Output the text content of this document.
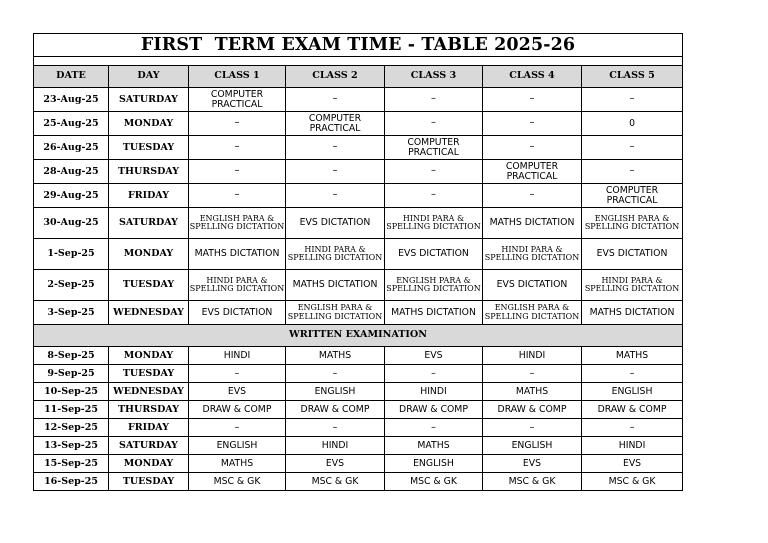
FIRST  TERM EXAM TIME - TABLE 2025-26						

DATE	DAY	CLASS 1	CLASS 2	CLASS 3	CLASS 4	CLASS 5
23-Aug-25	SATURDAY	COMPUTER PRACTICAL	–	–	–	–
25-Aug-25	MONDAY	–	COMPUTER PRACTICAL	–	–	0
26-Aug-25	TUESDAY	–	–	COMPUTER PRACTICAL	–	–
28-Aug-25	THURSDAY	–	–	–	COMPUTER PRACTICAL	–
29-Aug-25	FRIDAY	–	–	–	–	COMPUTER PRACTICAL
30-Aug-25	SATURDAY	ENGLISH PARA & SPELLING DICTATION	EVS DICTATION	HINDI PARA & SPELLING DICTATION	MATHS DICTATION	ENGLISH PARA & SPELLING DICTATION
1-Sep-25	MONDAY	MATHS DICTATION	HINDI PARA & SPELLING DICTATION	EVS DICTATION	HINDI PARA & SPELLING DICTATION	EVS DICTATION
2-Sep-25	TUESDAY	HINDI PARA & SPELLING DICTATION	MATHS DICTATION	ENGLISH PARA & SPELLING DICTATION	EVS DICTATION	HINDI PARA & SPELLING DICTATION
3-Sep-25	WEDNESDAY	EVS DICTATION	ENGLISH PARA & SPELLING DICTATION	MATHS DICTATION	ENGLISH PARA & SPELLING DICTATION	MATHS DICTATION
WRITTEN EXAMINATION						
8-Sep-25	MONDAY	HINDI	MATHS	EVS	HINDI	MATHS
9-Sep-25	TUESDAY	–	–	–	–	–
10-Sep-25	WEDNESDAY	EVS	ENGLISH	HINDI	MATHS	ENGLISH
11-Sep-25	THURSDAY	DRAW & COMP	DRAW & COMP	DRAW & COMP	DRAW & COMP	DRAW & COMP
12-Sep-25	FRIDAY	–	–	–	–	–
13-Sep-25	SATURDAY	ENGLISH	HINDI	MATHS	ENGLISH	HINDI
15-Sep-25	MONDAY	MATHS	EVS	ENGLISH	EVS	EVS
16-Sep-25	TUESDAY	MSC & GK	MSC & GK	MSC & GK	MSC & GK	MSC & GK
